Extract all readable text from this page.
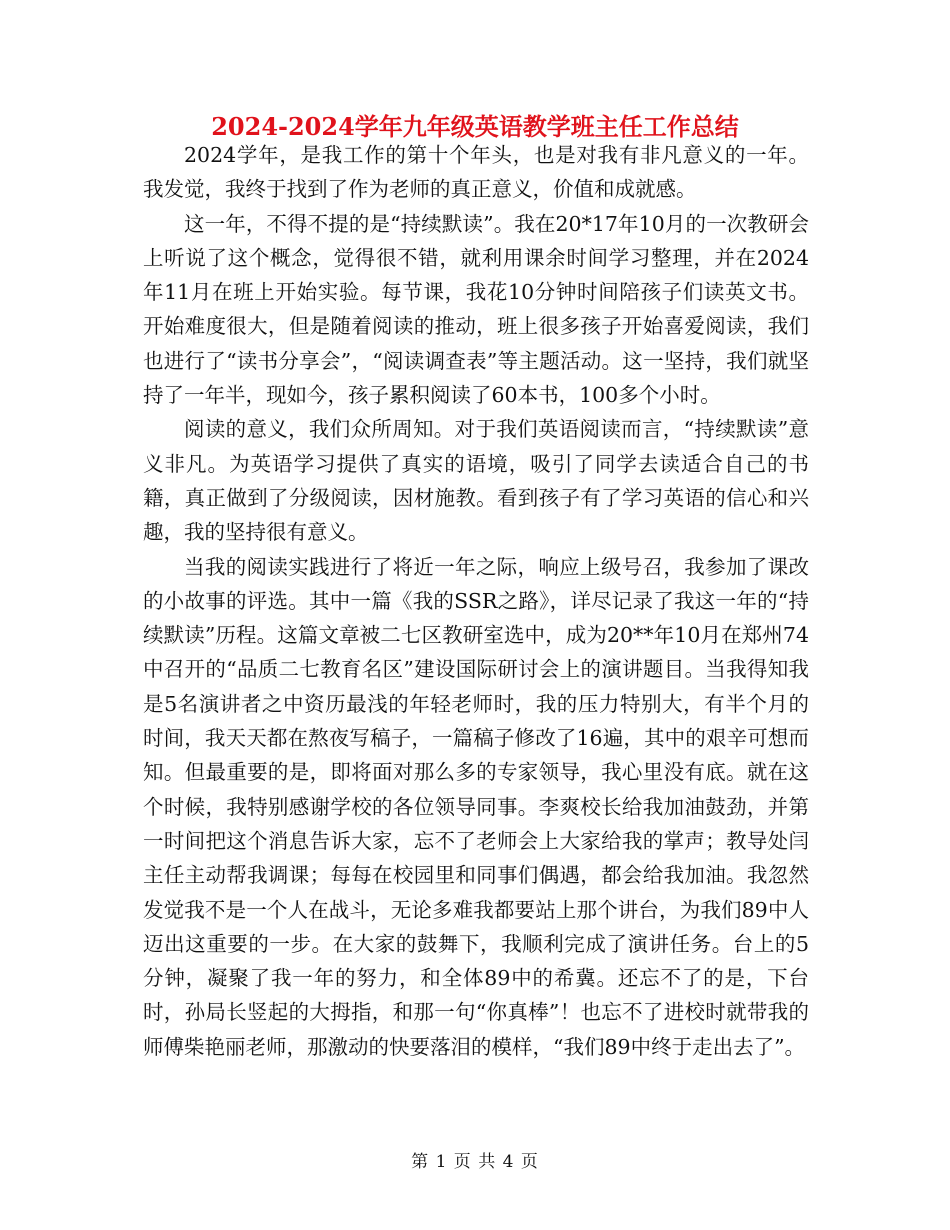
2024-2024学年九年级英语教学班主任工作总结

2024学年，是我工作的第十个年头，也是对我有非凡意义的一年。我发觉，我终于找到了作为老师的真正意义，价值和成就感。

这一年，不得不提的是“持续默读”。我在20*17年10月的一次教研会上听说了这个概念，觉得很不错，就利用课余时间学习整理，并在2024年11月在班上开始实验。每节课，我花10分钟时间陪孩子们读英文书。开始难度很大，但是随着阅读的推动，班上很多孩子开始喜爱阅读，我们也进行了“读书分享会”，“阅读调查表”等主题活动。这一坚持，我们就坚持了一年半，现如今，孩子累积阅读了60本书，100多个小时。

阅读的意义，我们众所周知。对于我们英语阅读而言，“持续默读”意义非凡。为英语学习提供了真实的语境，吸引了同学去读适合自己的书籍，真正做到了分级阅读，因材施教。看到孩子有了学习英语的信心和兴趣，我的坚持很有意义。

当我的阅读实践进行了将近一年之际，响应上级号召，我参加了课改的小故事的评选。其中一篇《我的SSR之路》，详尽记录了我这一年的“持续默读”历程。这篇文章被二七区教研室选中，成为20**年10月在郑州74中召开的“品质二七教育名区”建设国际研讨会上的演讲题目。当我得知我是5名演讲者之中资历最浅的年轻老师时，我的压力特别大，有半个月的时间，我天天都在熬夜写稿子，一篇稿子修改了16遍，其中的艰辛可想而知。但最重要的是，即将面对那么多的专家领导，我心里没有底。就在这个时候，我特别感谢学校的各位领导同事。李爽校长给我加油鼓劲，并第一时间把这个消息告诉大家，忘不了老师会上大家给我的掌声；教导处闫主任主动帮我调课；每每在校园里和同事们偶遇，都会给我加油。我忽然发觉我不是一个人在战斗，无论多难我都要站上那个讲台，为我们89中人迈出这重要的一步。在大家的鼓舞下，我顺利完成了演讲任务。台上的5分钟，凝聚了我一年的努力，和全体89中的希冀。还忘不了的是，下台时，孙局长竖起的大拇指，和那一句“你真棒”！也忘不了进校时就带我的师傅柴艳丽老师，那激动的快要落泪的模样，“我们89中终于走出去了”。

第 1 页 共 4 页
